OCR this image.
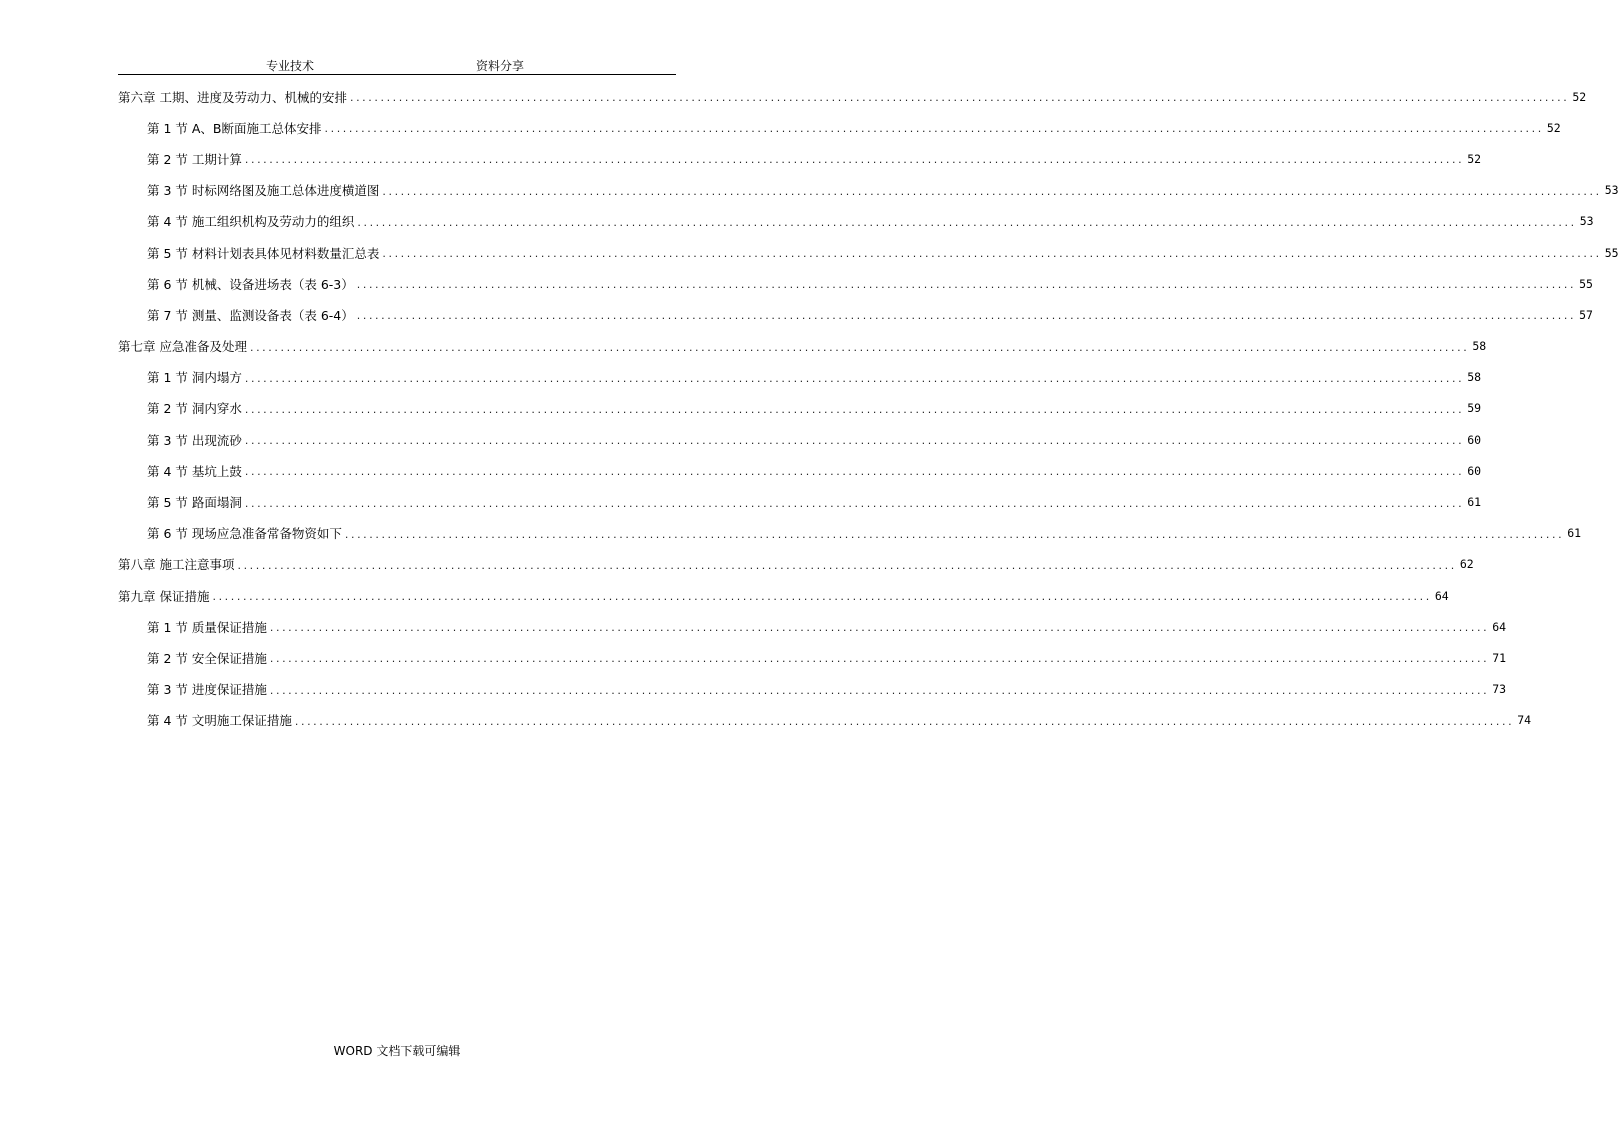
专业技术	资料分享
第六章 工期、进度及劳动力、机械的安排 ........................................................................................................................................................................................................ 52
第 1 节 A、B断面施工总体安排 ........................................................................................................................................................................................................ 52
第 2 节 工期计算 ........................................................................................................................................................................................................ 52
第 3 节 时标网络图及施工总体进度横道图 ........................................................................................................................................................................................................ 53
第 4 节 施工组织机构及劳动力的组织 ........................................................................................................................................................................................................ 53
第 5 节 材料计划表具体见材料数量汇总表 ........................................................................................................................................................................................................ 55
第 6 节 机械、设备进场表（表 6-3） ........................................................................................................................................................................................................ 55
第 7 节 测量、监测设备表（表 6-4） ........................................................................................................................................................................................................ 57
第七章 应急准备及处理 ........................................................................................................................................................................................................ 58
第 1 节 洞内塌方 ........................................................................................................................................................................................................ 58
第 2 节 洞内穿水 ........................................................................................................................................................................................................ 59
第 3 节 出现流砂 ........................................................................................................................................................................................................ 60
第 4 节 基坑上鼓 ........................................................................................................................................................................................................ 60
第 5 节 路面塌洞 ........................................................................................................................................................................................................ 61
第 6 节 现场应急准备常备物资如下 ........................................................................................................................................................................................................ 61
第八章 施工注意事项 ........................................................................................................................................................................................................ 62
第九章 保证措施 ........................................................................................................................................................................................................ 64
第 1 节 质量保证措施 ........................................................................................................................................................................................................ 64
第 2 节 安全保证措施 ........................................................................................................................................................................................................ 71
第 3 节 进度保证措施 ........................................................................................................................................................................................................ 73
第 4 节 文明施工保证措施 ........................................................................................................................................................................................................ 74
WORD 文档下载可编辑
